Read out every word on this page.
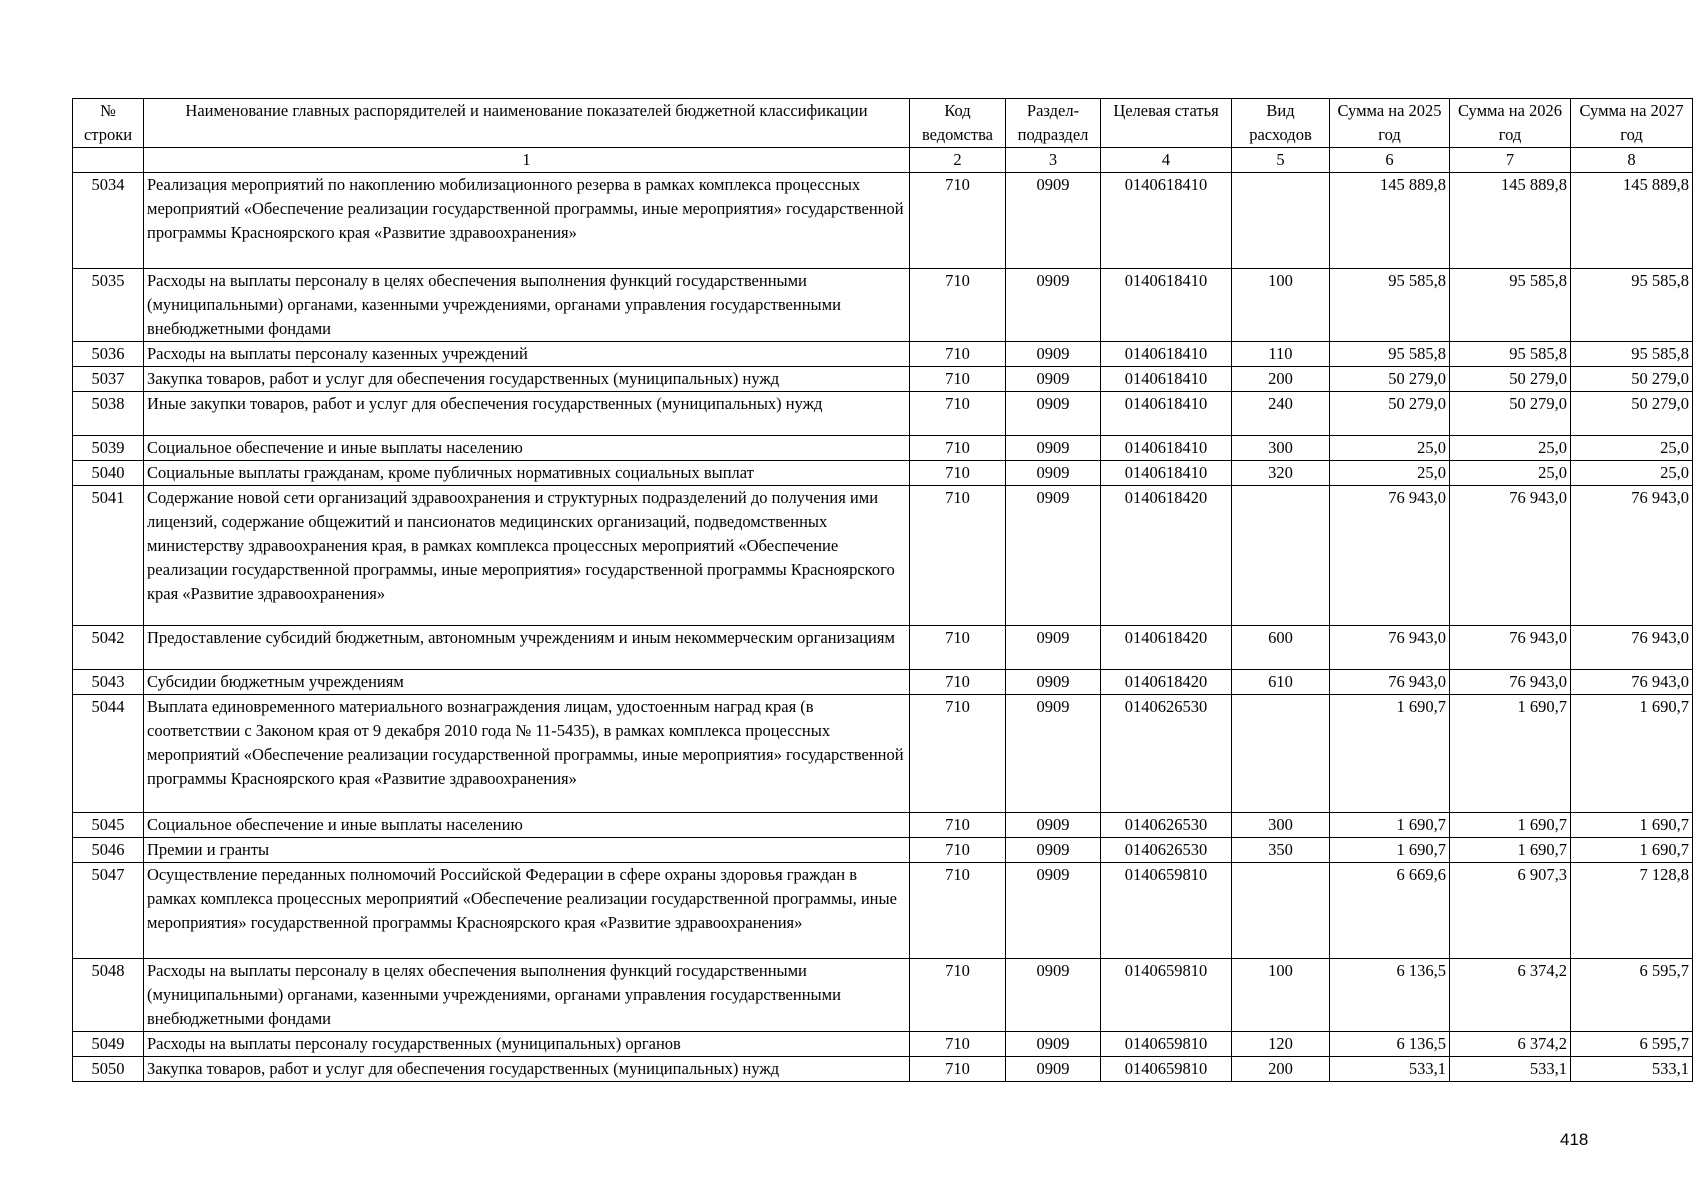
№ строки	Наименование главных распорядителей и наименование показателей бюджетной классификации	Код ведомства	Раздел-подраздел	Целевая статья	Вид расходов	Сумма на 2025 год	Сумма на 2026 год	Сумма на 2027 год
	1	2	3	4	5	6	7	8
5034	Реализация мероприятий по накоплению мобилизационного резерва в рамках комплекса процессных мероприятий «Обеспечение реализации государственной программы, иные мероприятия» государственной программы Красноярского края «Развитие здравоохранения»	710	0909	0140618410		145 889,8	145 889,8	145 889,8
5035	Расходы на выплаты персоналу в целях обеспечения выполнения функций государственными (муниципальными) органами, казенными учреждениями, органами управления государственными внебюджетными фондами	710	0909	0140618410	100	95 585,8	95 585,8	95 585,8
5036	Расходы на выплаты персоналу казенных учреждений	710	0909	0140618410	110	95 585,8	95 585,8	95 585,8
5037	Закупка товаров, работ и услуг для обеспечения государственных (муниципальных) нужд	710	0909	0140618410	200	50 279,0	50 279,0	50 279,0
5038	Иные закупки товаров, работ и услуг для обеспечения государственных (муниципальных) нужд	710	0909	0140618410	240	50 279,0	50 279,0	50 279,0
5039	Социальное обеспечение и иные выплаты населению	710	0909	0140618410	300	25,0	25,0	25,0
5040	Социальные выплаты гражданам, кроме публичных нормативных социальных выплат	710	0909	0140618410	320	25,0	25,0	25,0
5041	Содержание новой сети организаций здравоохранения и структурных подразделений до получения ими лицензий, содержание общежитий и пансионатов медицинских организаций, подведомственных министерству здравоохранения края, в рамках комплекса процессных мероприятий «Обеспечение реализации государственной программы, иные мероприятия» государственной программы Красноярского края «Развитие здравоохранения»	710	0909	0140618420		76 943,0	76 943,0	76 943,0
5042	Предоставление субсидий бюджетным, автономным учреждениям и иным некоммерческим организациям	710	0909	0140618420	600	76 943,0	76 943,0	76 943,0
5043	Субсидии бюджетным учреждениям	710	0909	0140618420	610	76 943,0	76 943,0	76 943,0
5044	Выплата единовременного материального вознаграждения лицам, удостоенным наград края (в соответствии с Законом края от 9 декабря 2010 года № 11-5435), в рамках комплекса процессных мероприятий «Обеспечение реализации государственной программы, иные мероприятия» государственной программы Красноярского края «Развитие здравоохранения»	710	0909	0140626530		1 690,7	1 690,7	1 690,7
5045	Социальное обеспечение и иные выплаты населению	710	0909	0140626530	300	1 690,7	1 690,7	1 690,7
5046	Премии и гранты	710	0909	0140626530	350	1 690,7	1 690,7	1 690,7
5047	Осуществление переданных полномочий Российской Федерации в сфере охраны здоровья граждан в рамках комплекса процессных мероприятий «Обеспечение реализации государственной программы, иные мероприятия» государственной программы Красноярского края «Развитие здравоохранения»	710	0909	0140659810		6 669,6	6 907,3	7 128,8
5048	Расходы на выплаты персоналу в целях обеспечения выполнения функций государственными (муниципальными) органами, казенными учреждениями, органами управления государственными внебюджетными фондами	710	0909	0140659810	100	6 136,5	6 374,2	6 595,7
5049	Расходы на выплаты персоналу государственных (муниципальных) органов	710	0909	0140659810	120	6 136,5	6 374,2	6 595,7
5050	Закупка товаров, работ и услуг для обеспечения государственных (муниципальных) нужд	710	0909	0140659810	200	533,1	533,1	533,1
418
